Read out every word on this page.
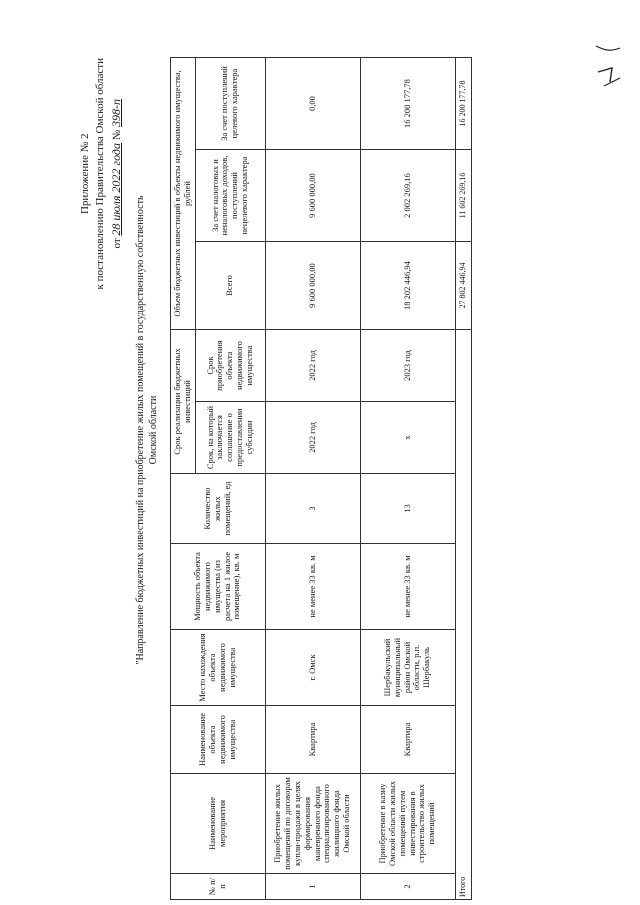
Приложение № 2 к постановлению Правительства Омской области от 28 июля 2022 года № 398-п
"Направление бюджетных инвестиций на приобретение жилых помещений в государственную собственность Омской области
№ п/п	Наименование мероприятия	Наименование объекта недвижимого имущества	Место нахождения объекта недвижимого имущества	Мощность объекта недвижимого имущества (из расчета на 1 жилое помещение), кв. м	Количество жилых помещений, ед	Срок реализации бюджетных инвестиций		Объем бюджетных инвестиций в объекты недвижимого имущества, рублей		
						Срок, на который заключается соглашение о предоставлении субсидии	Срок приобретения объекта недвижимого имущества	Всего	За счет налоговых и неналоговых доходов, поступлений нецелевого характера	За счет поступлений целевого характера
1	Приобретение жилых помещений по договорам купли-продажи в целях формирования маневренного фонда специализированного жилищного фонда Омской области	Квартира	г. Омск	не менее 33 кв. м	3	2022 год	2022 год	9 600 000,00	9 600 000,00	0,00
2	Приобретение в казну Омской области жилых помещений путем инвестирования в строительство жилых помещений	Квартира	Шербакульский муниципальный район Омской области, р.п. Шербакуль	не менее 33 кв. м	13	х	2023 год	18 202 446,94	2 002 269,16	16 200 177,78
Итого								27 802 446,94	11 602 269,16	16 200 177,78
